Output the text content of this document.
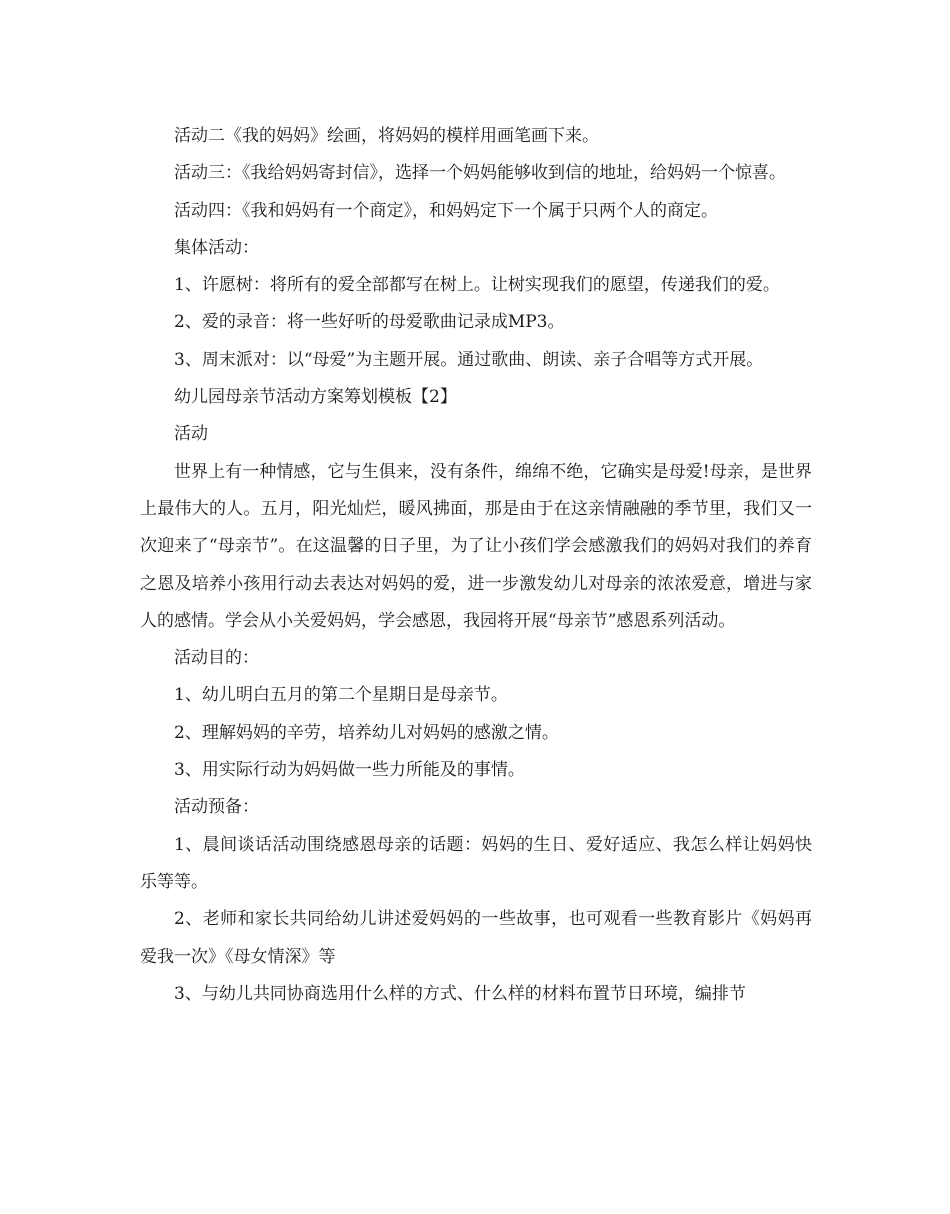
活动二《我的妈妈》绘画，将妈妈的模样用画笔画下来。

活动三：《我给妈妈寄封信》，选择一个妈妈能够收到信的地址，给妈妈一个惊喜。

活动四：《我和妈妈有一个商定》，和妈妈定下一个属于只两个人的商定。

集体活动：

1、许愿树：将所有的爱全部都写在树上。让树实现我们的愿望，传递我们的爱。

2、爱的录音：将一些好听的母爱歌曲记录成MP3。

3、周末派对：以“母爱”为主题开展。通过歌曲、朗读、亲子合唱等方式开展。

幼儿园母亲节活动方案筹划模板【2】

活动

世界上有一种情感，它与生俱来，没有条件，绵绵不绝，它确实是母爱!母亲，是世界上最伟大的人。五月，阳光灿烂，暖风拂面，那是由于在这亲情融融的季节里，我们又一次迎来了“母亲节”。在这温馨的日子里，为了让小孩们学会感激我们的妈妈对我们的养育之恩及培养小孩用行动去表达对妈妈的爱，进一步激发幼儿对母亲的浓浓爱意，增进与家人的感情。学会从小关爱妈妈，学会感恩，我园将开展“母亲节”感恩系列活动。

活动目的：

1、幼儿明白五月的第二个星期日是母亲节。

2、理解妈妈的辛劳，培养幼儿对妈妈的感激之情。

3、用实际行动为妈妈做一些力所能及的事情。

活动预备：

1、晨间谈话活动围绕感恩母亲的话题：妈妈的生日、爱好适应、我怎么样让妈妈快乐等等。

2、老师和家长共同给幼儿讲述爱妈妈的一些故事，也可观看一些教育影片《妈妈再爱我一次》《母女情深》等

3、与幼儿共同协商选用什么样的方式、什么样的材料布置节日环境，编排节
